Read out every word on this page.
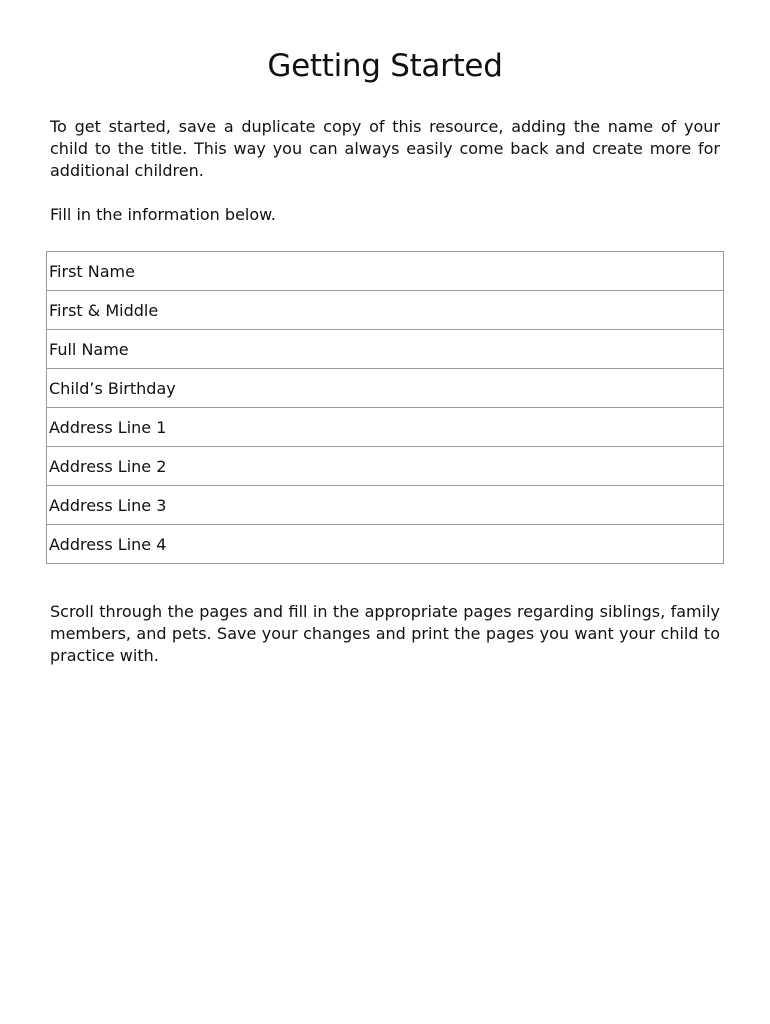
Getting Started

To get started, save a duplicate copy of this resource, adding the name of your child to the title. This way you can always easily come back and create more for additional children.

Fill in the information below.

First Name
First & Middle
Full Name
Child’s Birthday
Address Line 1
Address Line 2
Address Line 3
Address Line 4

Scroll through the pages and fill in the appropriate pages regarding siblings, family members, and pets. Save your changes and print the pages you want your child to practice with.
